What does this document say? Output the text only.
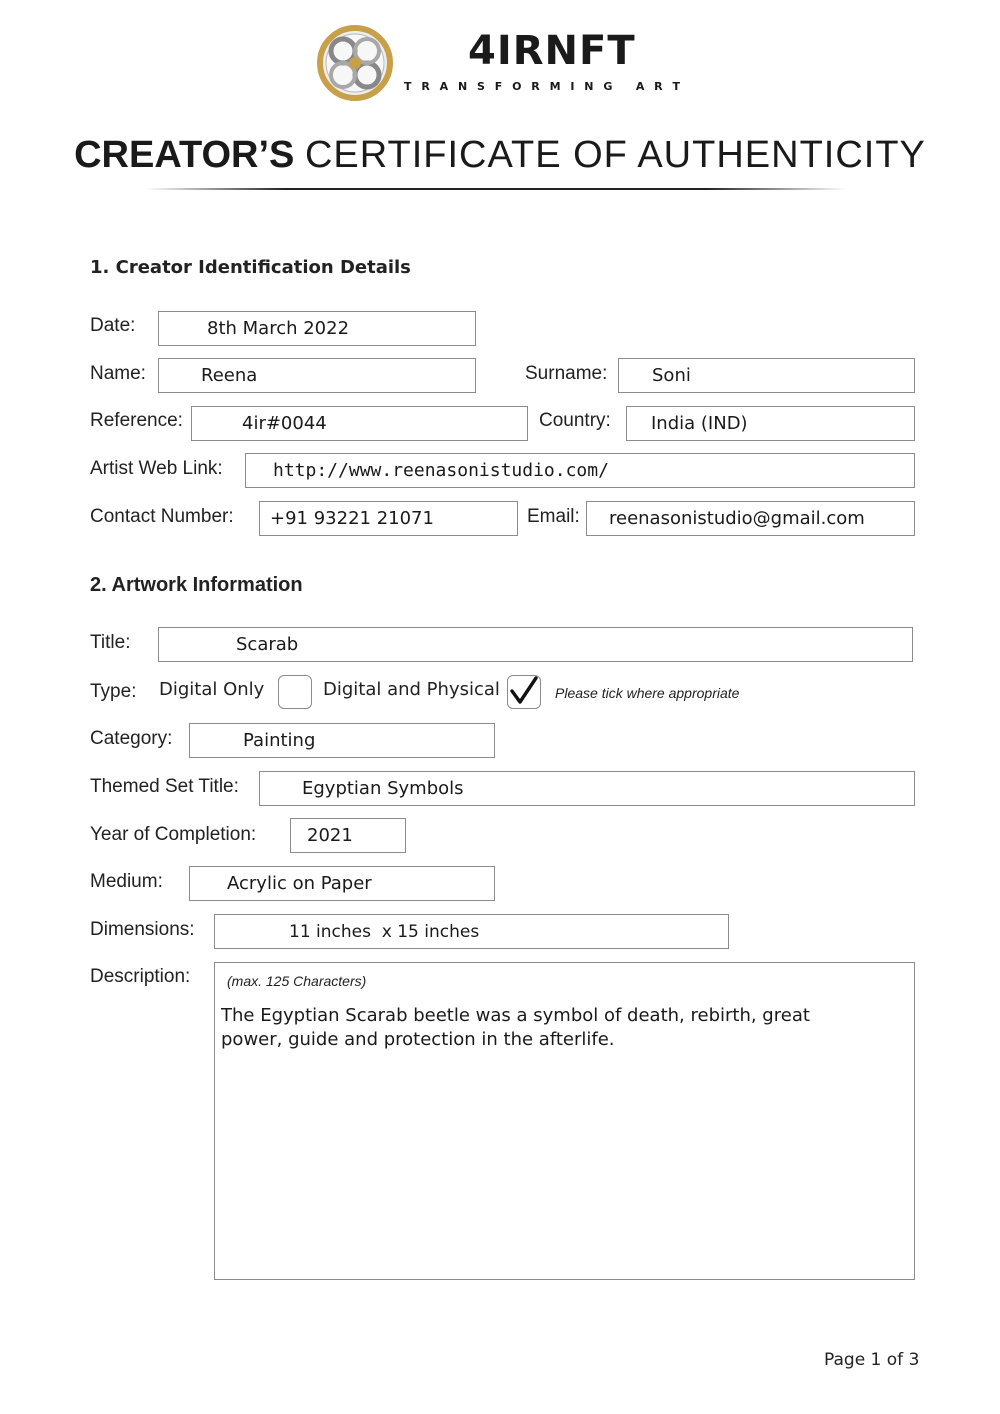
4IRNFT
T R A N S F O R M I N G   A R T
CREATOR’S CERTIFICATE OF AUTHENTICITY
1. Creator Identification Details
Date:	8th March 2022
Name:	Reena	Surname:	Soni
Reference:	4ir#0044	Country:	India (IND)
Artist Web Link:	http://www.reenasonistudio.com/
Contact Number:	+91 93221 21071	Email:	reenasonistudio@gmail.com
2. Artwork Information
Title:	Scarab
Type: Digital Only	Digital and Physical	Please tick where appropriate
Category:	Painting
Themed Set Title:	Egyptian Symbols
Year of Completion:	2021
Medium:	Acrylic on Paper
Dimensions:	11 inches  x 15 inches
Description:	(max. 125 Characters)
The Egyptian Scarab beetle was a symbol of death, rebirth, great
power, guide and protection in the afterlife.
Page 1 of 3
